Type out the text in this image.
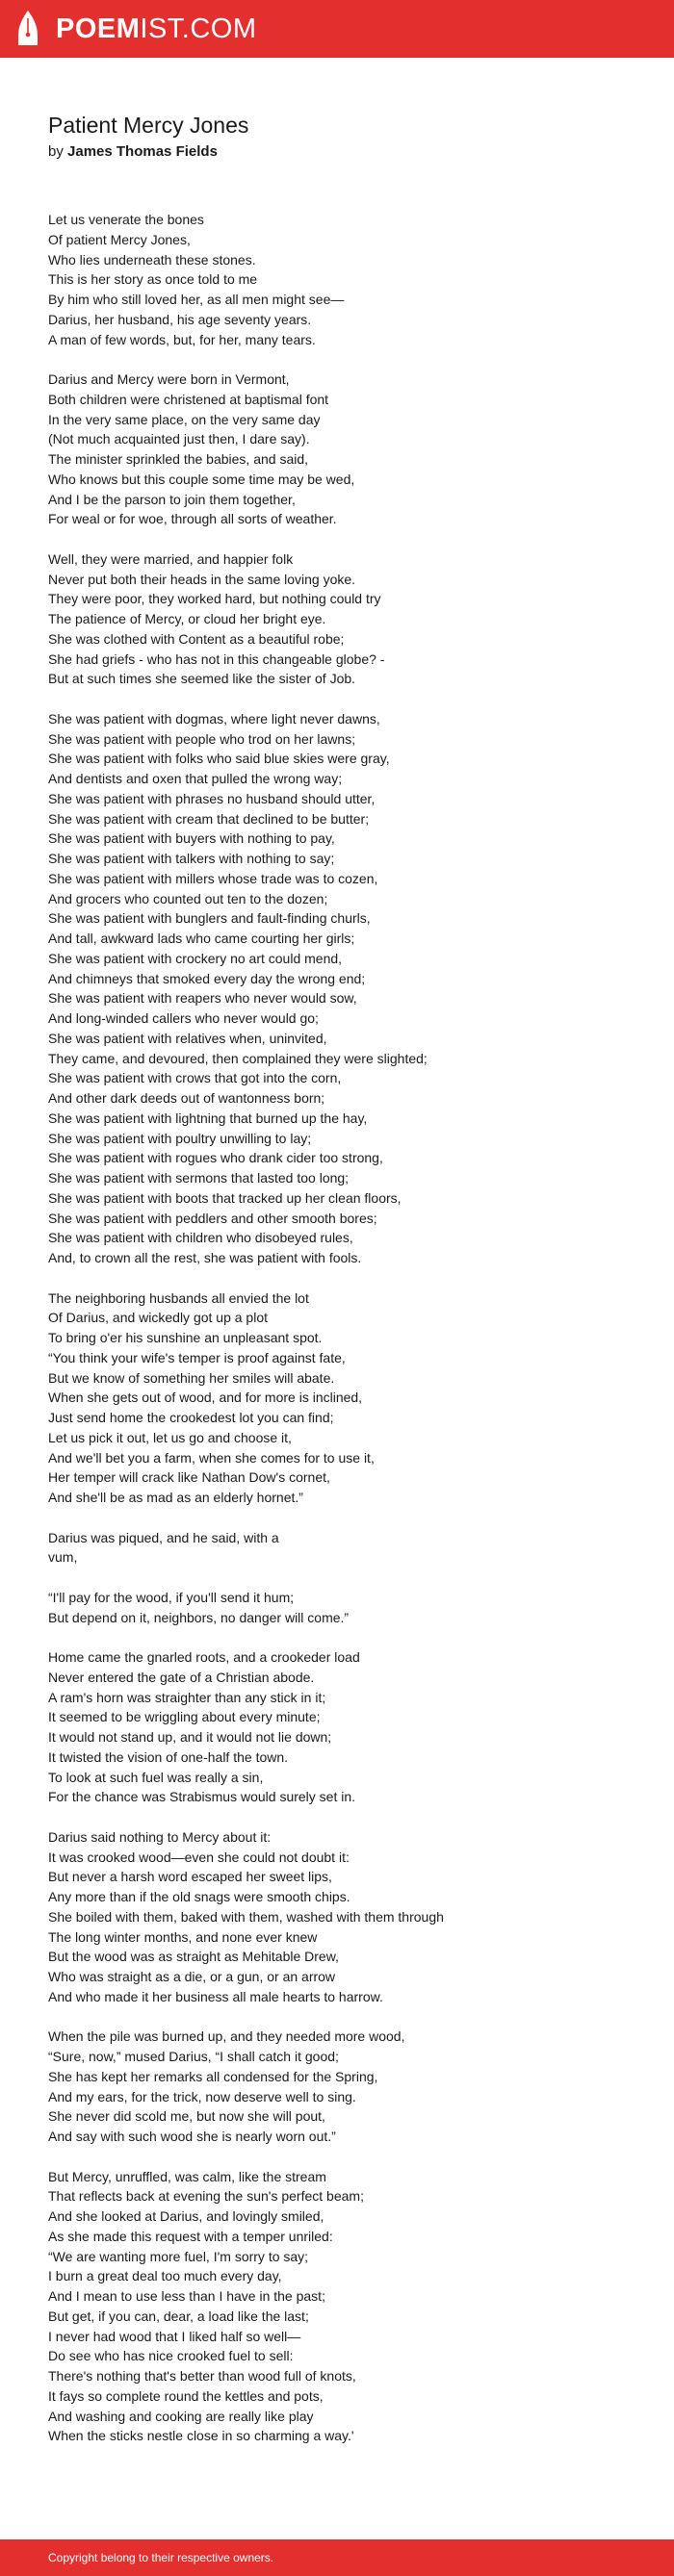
POEMIST.COM
Patient Mercy Jones
by James Thomas Fields
Let us venerate the bones
Of patient Mercy Jones,
Who lies underneath these stones.
This is her story as once told to me
By him who still loved her, as all men might see—
Darius, her husband, his age seventy years.
A man of few words, but, for her, many tears.
Darius and Mercy were born in Vermont,
Both children were christened at baptismal font
In the very same place, on the very same day
(Not much acquainted just then, I dare say).
The minister sprinkled the babies, and said,
Who knows but this couple some time may be wed,
And I be the parson to join them together,
For weal or for woe, through all sorts of weather.
Well, they were married, and happier folk
Never put both their heads in the same loving yoke.
They were poor, they worked hard, but nothing could try
The patience of Mercy, or cloud her bright eye.
She was clothed with Content as a beautiful robe;
She had griefs - who has not in this changeable globe? -
But at such times she seemed like the sister of Job.
She was patient with dogmas, where light never dawns,
She was patient with people who trod on her lawns;
She was patient with folks who said blue skies were gray,
And dentists and oxen that pulled the wrong way;
She was patient with phrases no husband should utter,
She was patient with cream that declined to be butter;
She was patient with buyers with nothing to pay,
She was patient with talkers with nothing to say;
She was patient with millers whose trade was to cozen,
And grocers who counted out ten to the dozen;
She was patient with bunglers and fault-finding churls,
And tall, awkward lads who came courting her girls;
She was patient with crockery no art could mend,
And chimneys that smoked every day the wrong end;
She was patient with reapers who never would sow,
And long-winded callers who never would go;
She was patient with relatives when, uninvited,
They came, and devoured, then complained they were slighted;
She was patient with crows that got into the corn,
And other dark deeds out of wantonness born;
She was patient with lightning that burned up the hay,
She was patient with poultry unwilling to lay;
She was patient with rogues who drank cider too strong,
She was patient with sermons that lasted too long;
She was patient with boots that tracked up her clean floors,
She was patient with peddlers and other smooth bores;
She was patient with children who disobeyed rules,
And, to crown all the rest, she was patient with fools.
The neighboring husbands all envied the lot
Of Darius, and wickedly got up a plot
To bring o'er his sunshine an unpleasant spot.
“You think your wife's temper is proof against fate,
But we know of something her smiles will abate.
When she gets out of wood, and for more is inclined,
Just send home the crookedest lot you can find;
Let us pick it out, let us go and choose it,
And we'll bet you a farm, when she comes for to use it,
Her temper will crack like Nathan Dow's cornet,
And she'll be as mad as an elderly hornet.”
Darius was piqued, and he said, with a
vum,
“I'll pay for the wood, if you'll send it hum;
But depend on it, neighbors, no danger will come.”
Home came the gnarled roots, and a crookeder load
Never entered the gate of a Christian abode.
A ram's horn was straighter than any stick in it;
It seemed to be wriggling about every minute;
It would not stand up, and it would not lie down;
It twisted the vision of one-half the town.
To look at such fuel was really a sin,
For the chance was Strabismus would surely set in.
Darius said nothing to Mercy about it:
It was crooked wood—even she could not doubt it:
But never a harsh word escaped her sweet lips,
Any more than if the old snags were smooth chips.
She boiled with them, baked with them, washed with them through
The long winter months, and none ever knew
But the wood was as straight as Mehitable Drew,
Who was straight as a die, or a gun, or an arrow
And who made it her business all male hearts to harrow.
When the pile was burned up, and they needed more wood,
“Sure, now,” mused Darius, “I shall catch it good;
She has kept her remarks all condensed for the Spring,
And my ears, for the trick, now deserve well to sing.
She never did scold me, but now she will pout,
And say with such wood she is nearly worn out.”
But Mercy, unruffled, was calm, like the stream
That reflects back at evening the sun's perfect beam;
And she looked at Darius, and lovingly smiled,
As she made this request with a temper unriled:
“We are wanting more fuel, I'm sorry to say;
I burn a great deal too much every day,
And I mean to use less than I have in the past;
But get, if you can, dear, a load like the last;
I never had wood that I liked half so well—
Do see who has nice crooked fuel to sell:
There's nothing that's better than wood full of knots,
It fays so complete round the kettles and pots,
And washing and cooking are really like play
When the sticks nestle close in so charming a way.'
Copyright belong to their respective owners.
